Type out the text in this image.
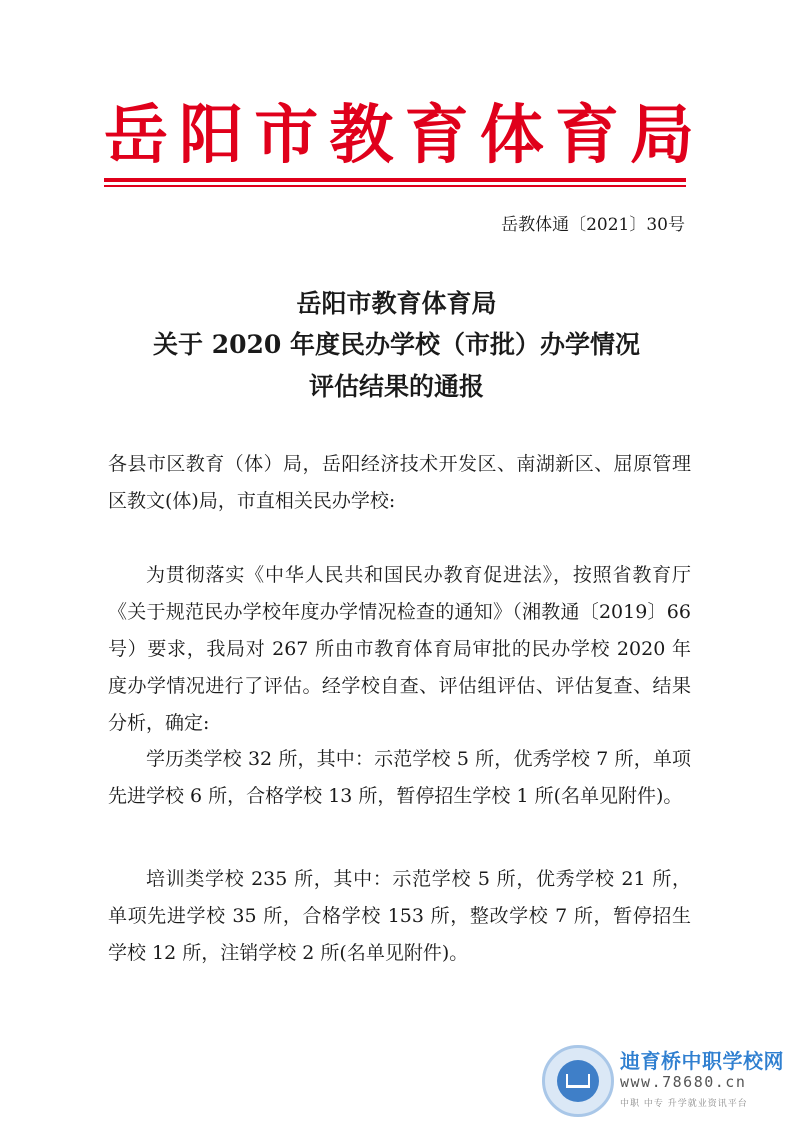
岳阳市教育体育局
岳教体通〔2021〕30号
岳阳市教育体育局
关于 2020 年度民办学校（市批）办学情况
评估结果的通报
各县市区教育（体）局，岳阳经济技术开发区、南湖新区、屈原管理区教文(体)局，市直相关民办学校:
为贯彻落实《中华人民共和国民办教育促进法》，按照省教育厅《关于规范民办学校年度办学情况检查的通知》（湘教通〔2019〕66号）要求，我局对 267 所由市教育体育局审批的民办学校 2020 年度办学情况进行了评估。经学校自查、评估组评估、评估复查、结果分析，确定:
学历类学校 32 所，其中：示范学校 5 所，优秀学校 7 所，单项先进学校 6 所，合格学校 13 所，暂停招生学校 1 所(名单见附件)。
培训类学校 235 所，其中：示范学校 5 所，优秀学校 21 所，单项先进学校 35 所，合格学校 153 所，整改学校 7 所，暂停招生学校 12 所，注销学校 2 所(名单见附件)。
迪育桥中职学校网
www.78680.cn
中职 中专 升学就业资讯平台
